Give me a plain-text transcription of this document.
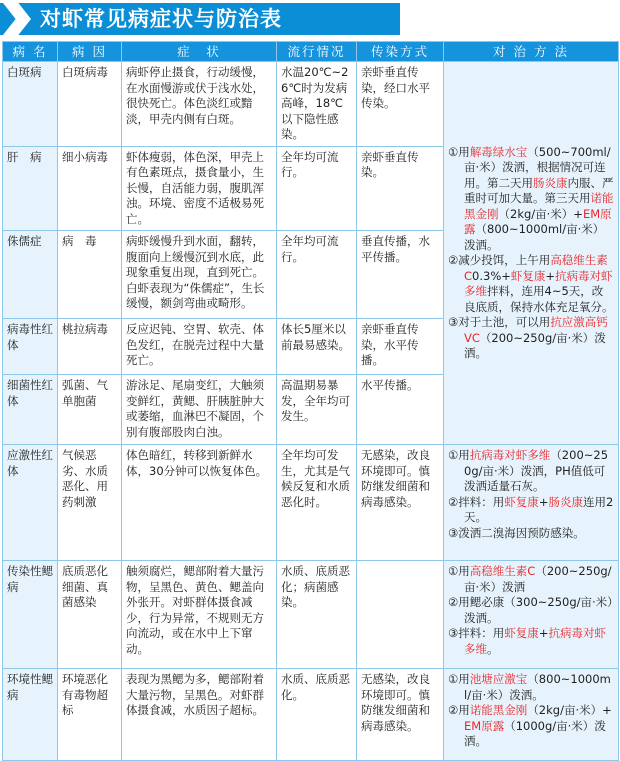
对虾常见病症状与防治表
病 名	病 因	症　状	流行情况	传染方式	对 治 方 法
白斑病	白斑病毒	病虾停止摄食，行动缓慢，在水面慢游或伏于浅水处，很快死亡。体色淡红或黯淡，甲壳内侧有白斑。	水温20℃~26℃时为发病高峰，18℃以下隐性感染。	亲虾垂直传染，经口水平传染。	①用解毒绿水宝（500~700ml/亩·米）泼洒，根据情况可连用。第二天用肠炎康内服、严重时可加大量。第三天用诺能黑金刚（2kg/亩·米）+EM原露（800~1000ml/亩·米）泼洒。

②减少投饵，上午用高稳维生素C0.3%+虾复康+抗病毒对虾多维拌料，连用4~5天，改良底质，保持水体充足氧分。

③对于土池，可以用抗应激高钙VC（200~250g/亩·米）泼洒。

肝　病	细小病毒	虾体瘦弱，体色深，甲壳上有色素斑点，摄食量小，生长慢，自活能力弱，腹肌浑浊。环境、密度不适极易死亡。	全年均可流行。	亲虾垂直传染。	
侏儒症	病　毒	病虾缓慢升到水面，翻转，腹面向上缓慢沉到水底，此现象重复出现，直到死亡。白虾表现为“侏儒症”，生长缓慢，额剑弯曲或畸形。	全年均可流行。	垂直传播，水平传播。	
病毒性红体	桃拉病毒	反应迟钝、空胃、软壳、体色发红，在脱壳过程中大量死亡。	体长5厘米以前最易感染。	亲虾垂直传染，水平传播。	
细菌性红体	弧菌、气单胞菌	游泳足、尾扇变红，大触须变鲜红，黄鳃、肝胰脏肿大或萎缩，血淋巴不凝固，个别有腹部股肉白浊。	高温期易暴发，全年均可发生。	水平传播。	
应激性红体	气候恶劣、水质恶化、用药刺激	体色暗红，转移到新鲜水体，30分钟可以恢复体色。	全年均可发生，尤其是气候反复和水质恶化时。	无感染，改良环境即可。慎防继发细菌和病毒感染。	①用抗病毒对虾多维（200~250g/亩·米）泼洒，PH值低可泼洒适量石灰。

②拌料：用虾复康+肠炎康连用2天。

③泼洒二溴海因预防感染。

传染性鳃病	底质恶化细菌、真菌感染	触须腐烂，鳃部附着大量污物，呈黑色、黄色、鳃盖向外张开。对虾群体摄食减少，行为异常，不规则无方向流动，或在水中上下窜动。	水质、底质恶化；病菌感染。		①用高稳维生素C（200~250g/亩·米）泼洒

②用鳃必康（300~250g/亩·米）泼洒。

③拌料：用虾复康+抗病毒对虾多维。

环境性鳃病	环境恶化有毒物超标	表现为黑鳃为多，鳃部附着大量污物，呈黑色。对虾群体摄食减，水质因子超标。	水质、底质恶化。	无感染，改良环境即可。慎防继发细菌和病毒感染。	①用池塘应激宝（800~1000ml/亩·米）泼洒。

②用诺能黑金刚（2kg/亩·米）+EM原露（1000g/亩·米）泼洒。
